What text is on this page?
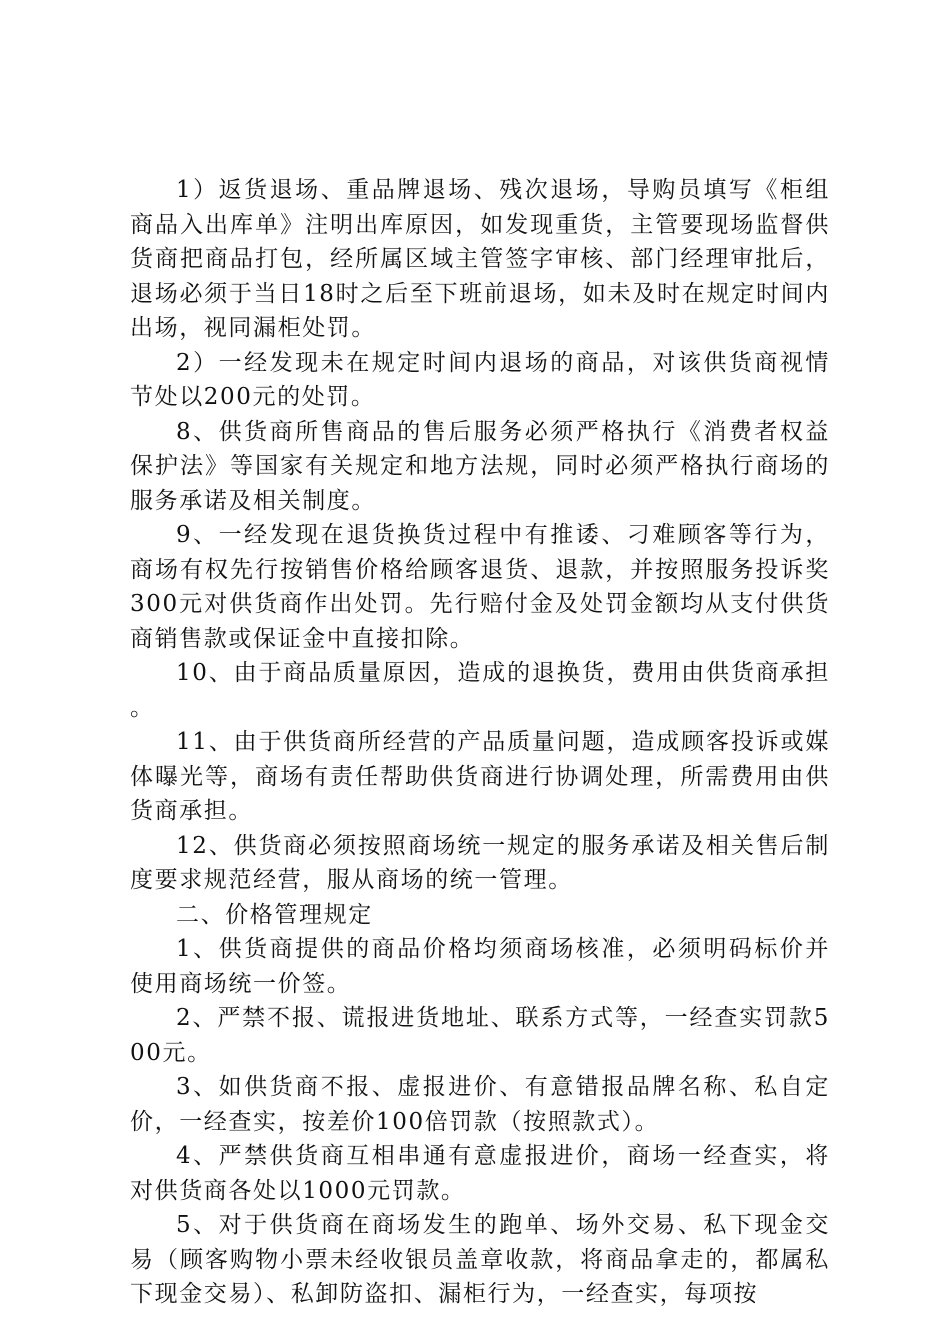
1）返货退场、重品牌退场、残次退场，导购员填写《柜组商品入出库单》注明出库原因，如发现重货，主管要现场监督供货商把商品打包，经所属区域主管签字审核、部门经理审批后，退场必须于当日18时之后至下班前退场，如未及时在规定时间内出场，视同漏柜处罚。

2）一经发现未在规定时间内退场的商品，对该供货商视情节处以200元的处罚。

8、供货商所售商品的售后服务必须严格执行《消费者权益保护法》等国家有关规定和地方法规，同时必须严格执行商场的服务承诺及相关制度。

9、一经发现在退货换货过程中有推诿、刁难顾客等行为，商场有权先行按销售价格给顾客退货、退款，并按照服务投诉奖300元对供货商作出处罚。先行赔付金及处罚金额均从支付供货商销售款或保证金中直接扣除。

10、由于商品质量原因，造成的退换货，费用由供货商承担。

11、由于供货商所经营的产品质量问题，造成顾客投诉或媒体曝光等，商场有责任帮助供货商进行协调处理，所需费用由供货商承担。

12、供货商必须按照商场统一规定的服务承诺及相关售后制度要求规范经营，服从商场的统一管理。

二、价格管理规定

1、供货商提供的商品价格均须商场核准，必须明码标价并使用商场统一价签。

2、严禁不报、谎报进货地址、联系方式等，一经查实罚款500元。

3、如供货商不报、虚报进价、有意错报品牌名称、私自定价，一经查实，按差价100倍罚款（按照款式）。

4、严禁供货商互相串通有意虚报进价，商场一经查实，将对供货商各处以1000元罚款。

5、对于供货商在商场发生的跑单、场外交易、私下现金交易（顾客购物小票未经收银员盖章收款，将商品拿走的，都属私下现金交易）、私卸防盗扣、漏柜行为，一经查实，每项按
